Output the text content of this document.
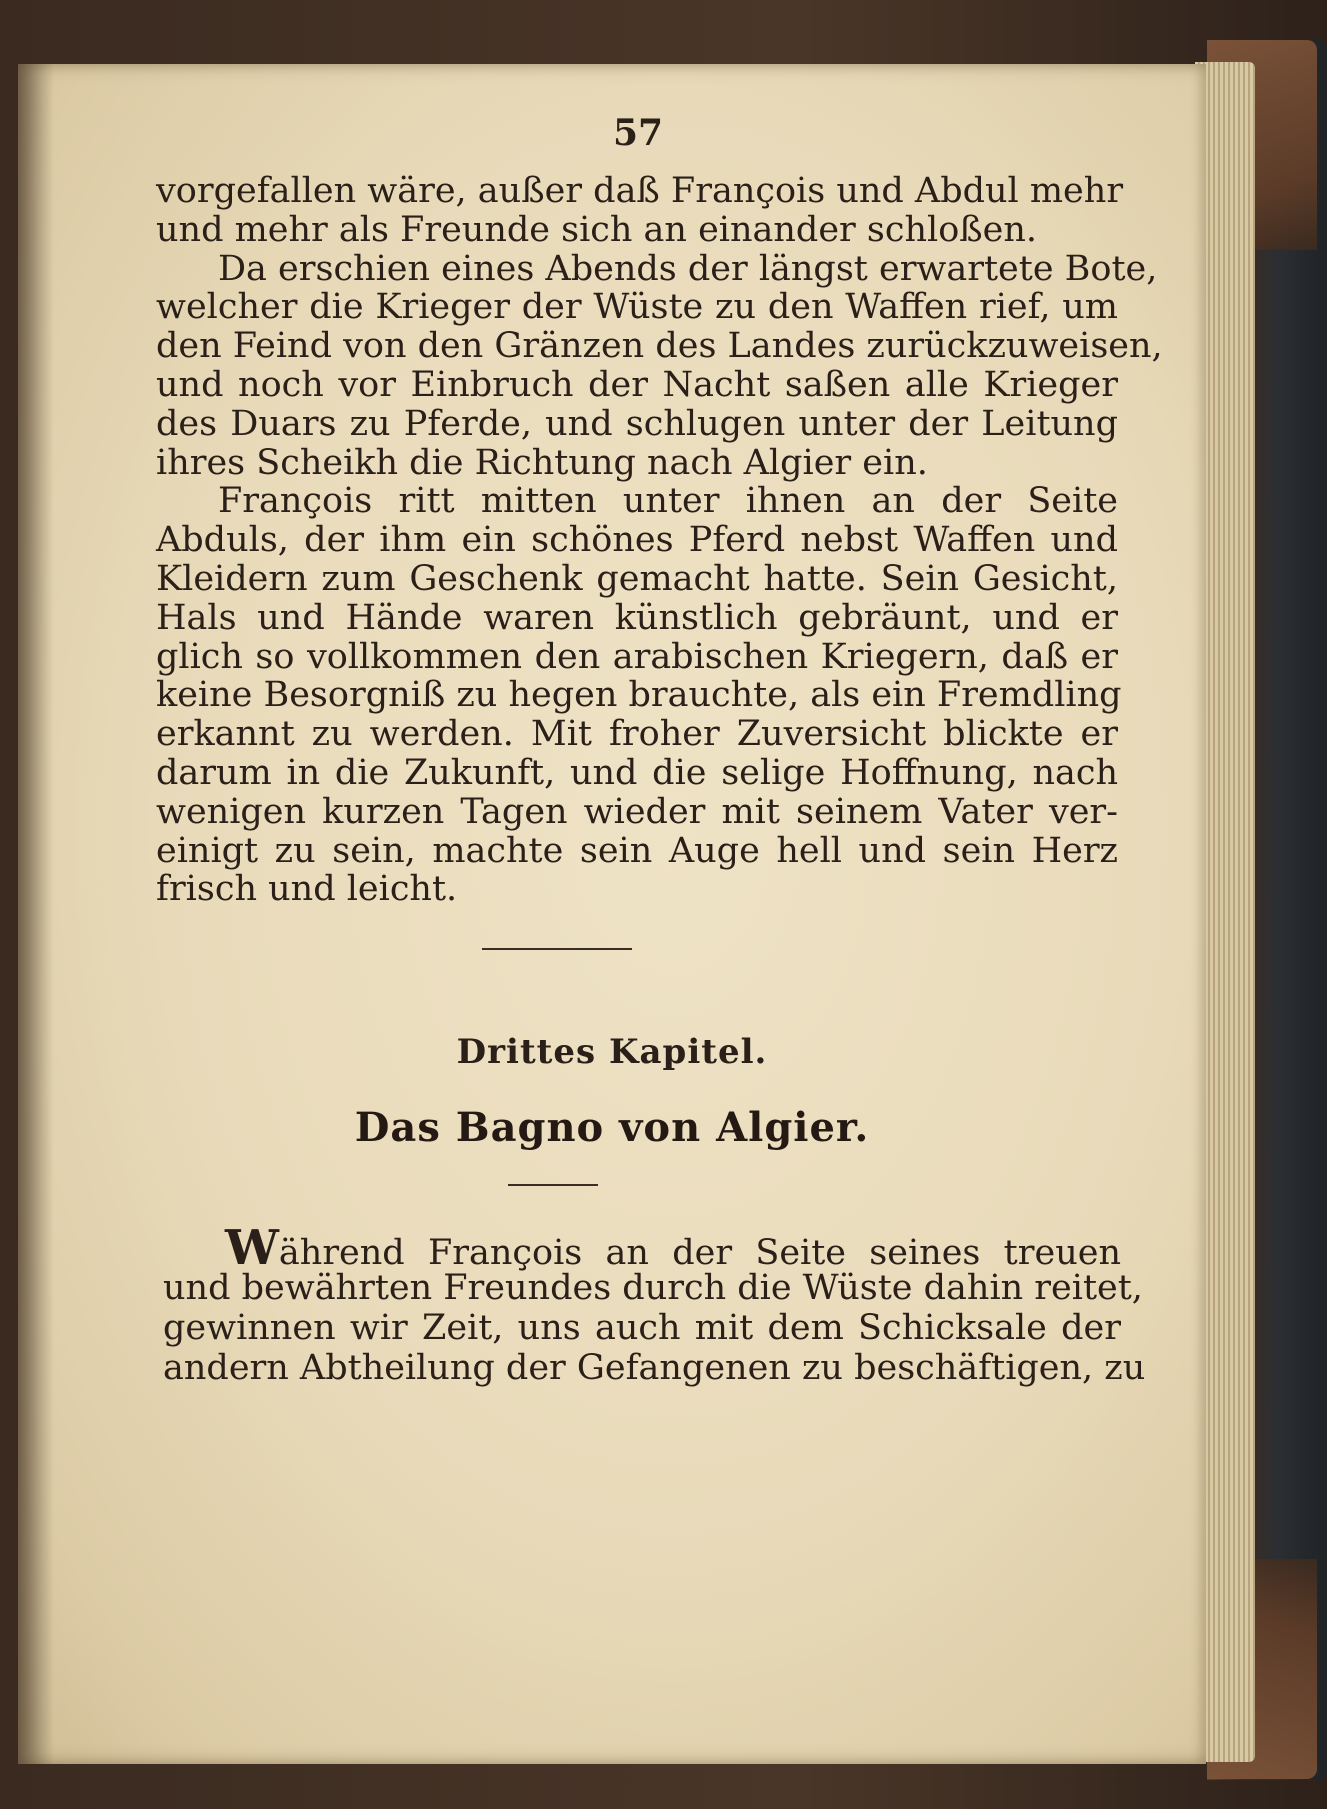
57
vorgefallen wäre, außer daß François und Abdul mehr
und mehr als Freunde sich an einander schloßen.
Da erschien eines Abends der längst erwartete Bote,
welcher die Krieger der Wüste zu den Waffen rief, um
den Feind von den Gränzen des Landes zurückzuweisen,
und noch vor Einbruch der Nacht saßen alle Krieger
des Duars zu Pferde, und schlugen unter der Leitung
ihres Scheikh die Richtung nach Algier ein.
François ritt mitten unter ihnen an der Seite
Abduls, der ihm ein schönes Pferd nebst Waffen und
Kleidern zum Geschenk gemacht hatte. Sein Gesicht,
Hals und Hände waren künstlich gebräunt, und er
glich so vollkommen den arabischen Kriegern, daß er
keine Besorgniß zu hegen brauchte, als ein Fremdling
erkannt zu werden. Mit froher Zuversicht blickte er
darum in die Zukunft, und die selige Hoffnung, nach
wenigen kurzen Tagen wieder mit seinem Vater ver-
einigt zu sein, machte sein Auge hell und sein Herz
frisch und leicht.
Drittes Kapitel.
Das Bagno von Algier.
Während François an der Seite seines treuen
und bewährten Freundes durch die Wüste dahin reitet,
gewinnen wir Zeit, uns auch mit dem Schicksale der
andern Abtheilung der Gefangenen zu beschäftigen, zu
